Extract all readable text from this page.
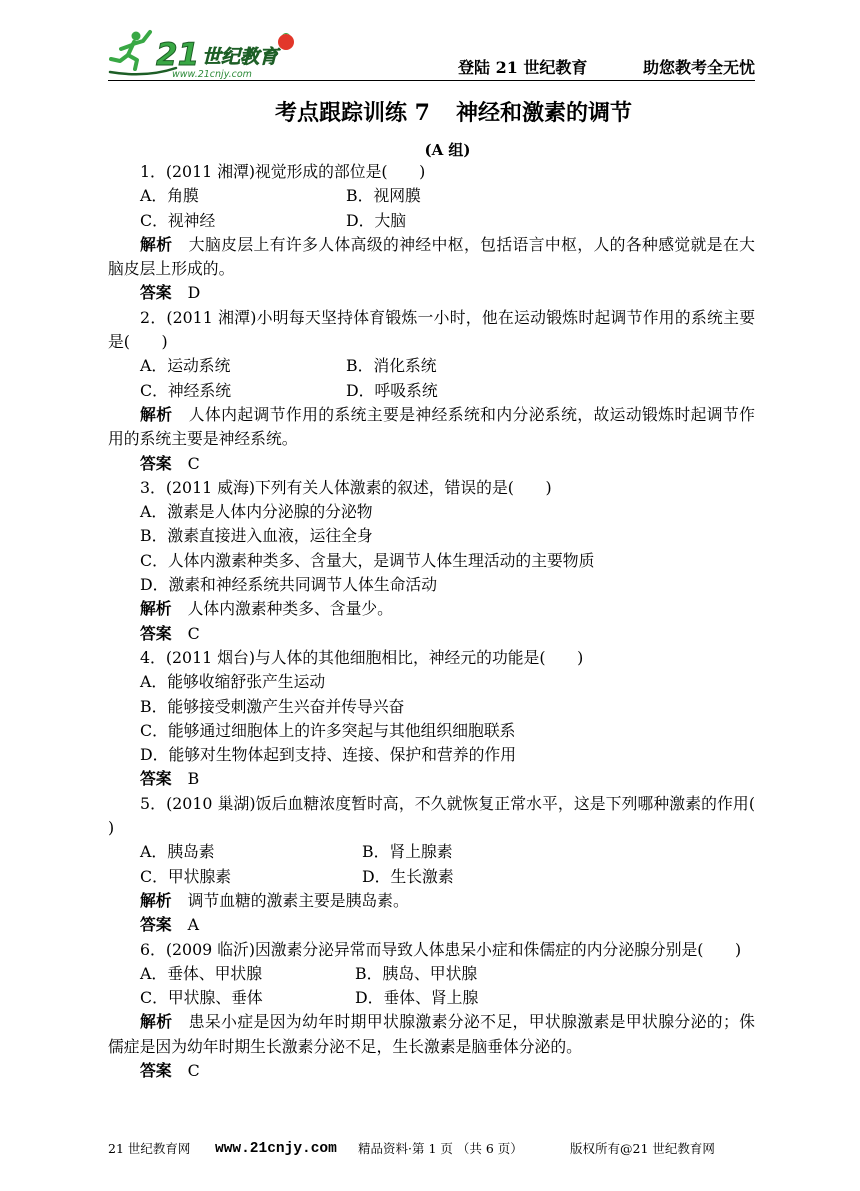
21 世纪教育
www.21cnjy.com	登陆 21 世纪教育	助您教考全无忧
考点跟踪训练 7 神经和激素的调节
(A 组)
1．(2011 湘潭)视觉形成的部位是(　　)
A．角膜	B．视网膜
C．视神经	D．大脑
解析 大脑皮层上有许多人体高级的神经中枢，包括语言中枢，人的各种感觉就是在大脑皮层上形成的。
答案 D
2．(2011 湘潭)小明每天坚持体育锻炼一小时，他在运动锻炼时起调节作用的系统主要是(　　)
A．运动系统	B．消化系统
C．神经系统	D．呼吸系统
解析 人体内起调节作用的系统主要是神经系统和内分泌系统，故运动锻炼时起调节作用的系统主要是神经系统。
答案 C
3．(2011 威海)下列有关人体激素的叙述，错误的是(　　)
A．激素是人体内分泌腺的分泌物
B．激素直接进入血液，运往全身
C．人体内激素种类多、含量大，是调节人体生理活动的主要物质
D．激素和神经系统共同调节人体生命活动
解析 人体内激素种类多、含量少。
答案 C
4．(2011 烟台)与人体的其他细胞相比，神经元的功能是(　　)
A．能够收缩舒张产生运动
B．能够接受刺激产生兴奋并传导兴奋
C．能够通过细胞体上的许多突起与其他组织细胞联系
D．能够对生物体起到支持、连接、保护和营养的作用
答案 B
5．(2010 巢湖)饭后血糖浓度暂时高，不久就恢复正常水平，这是下列哪种激素的作用(　　)
A．胰岛素	B．肾上腺素
C．甲状腺素	D．生长激素
解析 调节血糖的激素主要是胰岛素。
答案 A
6．(2009 临沂)因激素分泌异常而导致人体患呆小症和侏儒症的内分泌腺分别是(　　)
A．垂体、甲状腺	B．胰岛、甲状腺
C．甲状腺、垂体	D．垂体、肾上腺
解析 患呆小症是因为幼年时期甲状腺激素分泌不足，甲状腺激素是甲状腺分泌的；侏儒症是因为幼年时期生长激素分泌不足，生长激素是脑垂体分泌的。
答案 C
21 世纪教育网 www.21cnjy.com 精品资料·第 1 页 （共 6 页）	版权所有@21 世纪教育网
